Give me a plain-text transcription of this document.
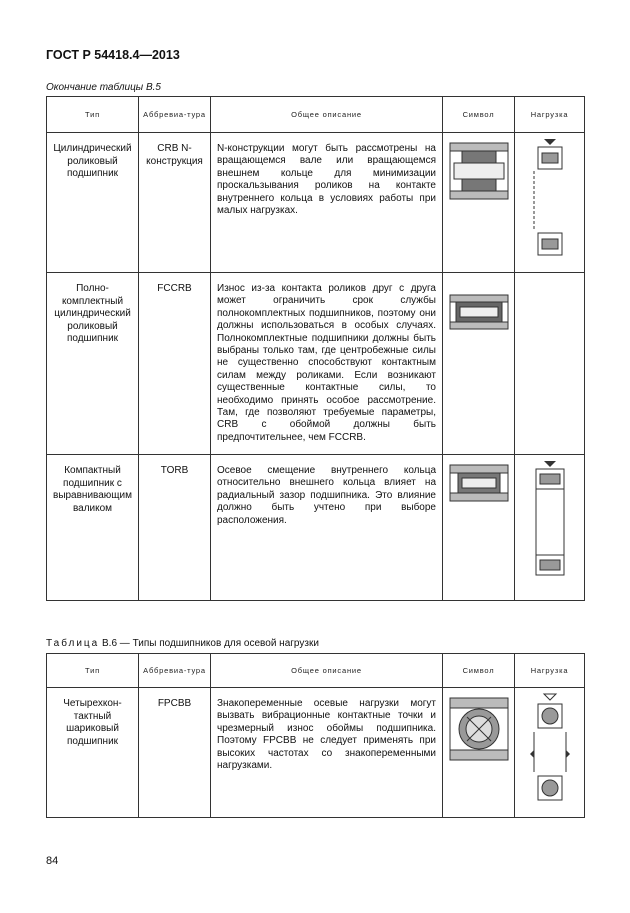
ГОСТ Р 54418.4—2013
Окончание таблицы В.5
Тип	Аббревиа-тура	Общее описание	Символ	Нагрузка
Цилиндрический роликовый подшипник	CRB N-конструкция	N-конструкции могут быть рассмотрены на вращающемся вале или вращающемся внешнем кольце для минимизации проскальзывания роликов на контакте внутреннего кольца в условиях работы при малых нагрузках.	

Полно-комплектный цилиндрический роликовый подшипник	FCCRB	Износ из-за контакта роликов друг с друга может ограничить срок службы полнокомплектных подшипников, поэтому они должны использоваться в особых случаях. Полнокомплектные подшипники должны быть выбраны только там, где центробежные силы не существенно способствуют контактным силам между роликами. Если возникают существенные контактные силы, то необходимо принять особое рассмотрение. Там, где позволяют требуемые параметры, CRB с обоймой должны быть предпочтительнее, чем FCCRB.	

Компактный подшипник с выравнивающим валиком	TORB	Осевое смещение внутреннего кольца относительно внешнего кольца влияет на радиальный зазор подшипника. Это влияние должно быть учтено при выборе расположения.	

Таблица В.6 — Типы подшипников для осевой нагрузки
Тип	Аббревиа-тура	Общее описание	Символ	Нагрузка
Четырехкон-тактный шариковый подшипник	FPCBB	Знакопеременные осевые нагрузки могут вызвать вибрационные контактные точки и чрезмерный износ обоймы подшипника. Поэтому FPCBB не следует применять при высоких частотах со знакопеременными нагрузками.	

84
